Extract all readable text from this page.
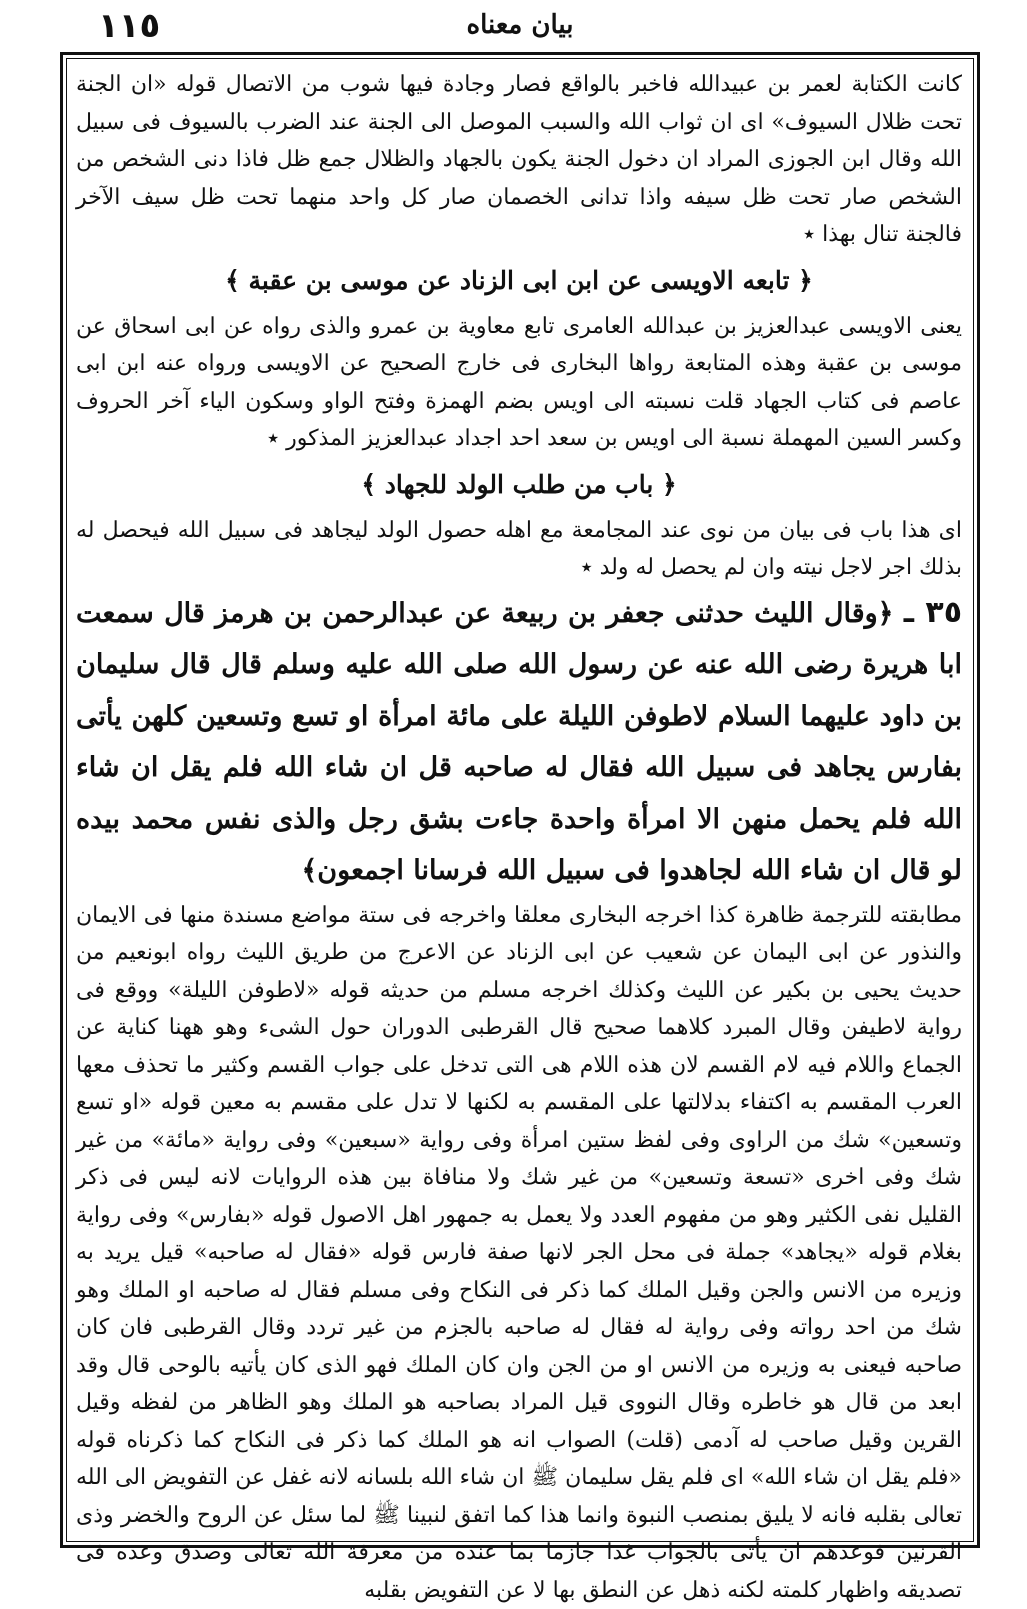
١١٥	بيان معناه

كانت الكتابة لعمر بن عبيدالله فاخبر بالواقع فصار وجادة فيها شوب من الاتصال قوله «ان الجنة تحت ظلال السيوف» اى ان ثواب الله والسبب الموصل الى الجنة عند الضرب بالسيوف فى سبيل الله وقال ابن الجوزى المراد ان دخول الجنة يكون بالجهاد والظلال جمع ظل فاذا دنى الشخص من الشخص صار تحت ظل سيفه واذا تدانى الخصمان صار كل واحد منهما تحت ظل سيف الآخر فالجنة تنال بهذا ٭

﴿ تابعه الاويسى عن ابن ابى الزناد عن موسى بن عقبة ﴾

يعنى الاويسى عبدالعزيز بن عبدالله العامرى تابع معاوية بن عمرو والذى رواه عن ابى اسحاق عن موسى بن عقبة وهذه المتابعة رواها البخارى فى خارج الصحيح عن الاويسى ورواه عنه ابن ابى عاصم فى كتاب الجهاد قلت نسبته الى اويس بضم الهمزة وفتح الواو وسكون الياء آخر الحروف وكسر السين المهملة نسبة الى اويس بن سعد احد اجداد عبدالعزيز المذكور ٭

﴿ باب من طلب الولد للجهاد ﴾

اى هذا باب فى بيان من نوى عند المجامعة مع اهله حصول الولد ليجاهد فى سبيل الله فيحصل له بذلك اجر لاجل نيته وان لم يحصل له ولد ٭

٣٥ ـ ﴿وقال الليث حدثنى جعفر بن ربيعة عن عبدالرحمن بن هرمز قال سمعت ابا هريرة رضى الله عنه عن رسول الله صلى الله عليه وسلم قال قال سليمان بن داود عليهما السلام لاطوفن الليلة على مائة امرأة او تسع وتسعين كلهن يأتى بفارس يجاهد فى سبيل الله فقال له صاحبه قل ان شاء الله فلم يقل ان شاء الله فلم يحمل منهن الا امرأة واحدة جاءت بشق رجل والذى نفس محمد بيده لو قال ان شاء الله لجاهدوا فى سبيل الله فرسانا اجمعون﴾

مطابقته للترجمة ظاهرة كذا اخرجه البخارى معلقا واخرجه فى ستة مواضع مسندة منها فى الايمان والنذور عن ابى اليمان عن شعيب عن ابى الزناد عن الاعرج من طريق الليث رواه ابونعيم من حديث يحيى بن بكير عن الليث وكذلك اخرجه مسلم من حديثه قوله «لاطوفن الليلة» ووقع فى رواية لاطيفن وقال المبرد كلاهما صحيح قال القرطبى الدوران حول الشىء وهو ههنا كناية عن الجماع واللام فيه لام القسم لان هذه اللام هى التى تدخل على جواب القسم وكثير ما تحذف معها العرب المقسم به اكتفاء بدلالتها على المقسم به لكنها لا تدل على مقسم به معين قوله «او تسع وتسعين» شك من الراوى وفى لفظ ستين امرأة وفى رواية «سبعين» وفى رواية «مائة» من غير شك وفى اخرى «تسعة وتسعين» من غير شك ولا منافاة بين هذه الروايات لانه ليس فى ذكر القليل نفى الكثير وهو من مفهوم العدد ولا يعمل به جمهور اهل الاصول قوله «بفارس» وفى رواية بغلام قوله «يجاهد» جملة فى محل الجر لانها صفة فارس قوله «فقال له صاحبه» قيل يريد به وزيره من الانس والجن وقيل الملك كما ذكر فى النكاح وفى مسلم فقال له صاحبه او الملك وهو شك من احد رواته وفى رواية له فقال له صاحبه بالجزم من غير تردد وقال القرطبى فان كان صاحبه فيعنى به وزيره من الانس او من الجن وان كان الملك فهو الذى كان يأتيه بالوحى قال وقد ابعد من قال هو خاطره وقال النووى قيل المراد بصاحبه هو الملك وهو الظاهر من لفظه وقيل القرين وقيل صاحب له آدمى (قلت) الصواب انه هو الملك كما ذكر فى النكاح كما ذكرناه قوله «فلم يقل ان شاء الله» اى فلم يقل سليمان ﷺ ان شاء الله بلسانه لانه غفل عن التفويض الى الله تعالى بقلبه فانه لا يليق بمنصب النبوة وانما هذا كما اتفق لنبينا ﷺ لما سئل عن الروح والخضر وذى القرنين فوعدهم ان يأتى بالجواب غدا جازما بما عنده من معرفة الله تعالى وصدق وعده فى تصديقه واظهار كلمته لكنه ذهل عن النطق بها لا عن التفويض بقلبه
